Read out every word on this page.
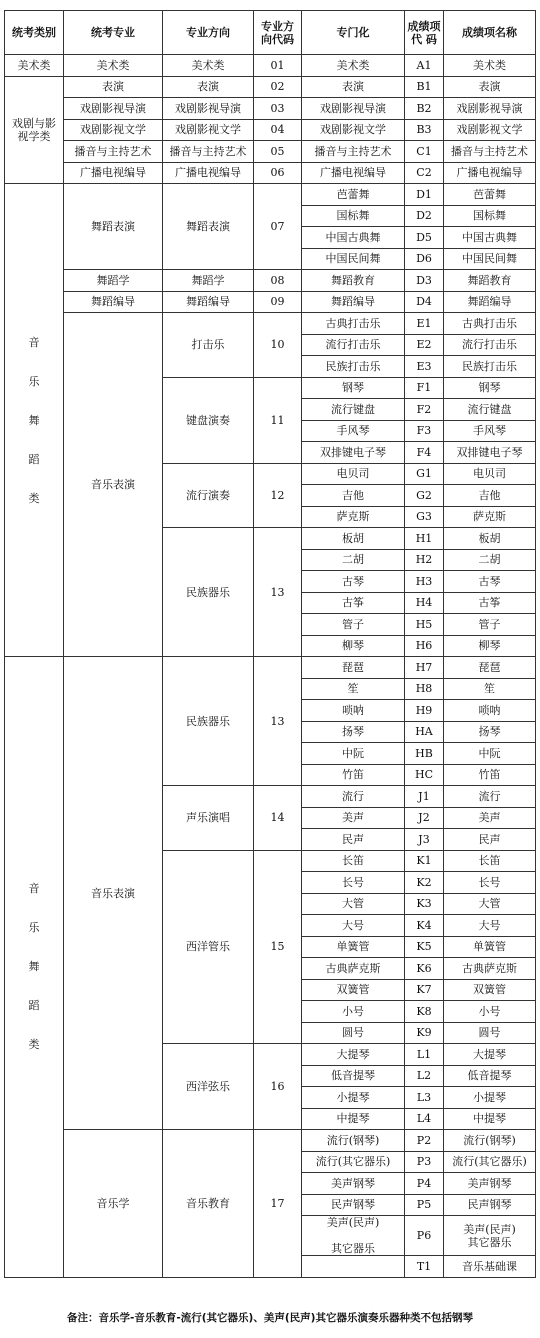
统考类别	统考专业	专业方向	专业方
向代码	专门化	成绩项
代 码	成绩项名称
美术类	美术类	美术类	01	美术类	A1	美术类
戏剧与影
视学类	表演	表演	02	表演	B1	表演
	戏剧影视导演	戏剧影视导演	03	戏剧影视导演	B2	戏剧影视导演
	戏剧影视文学	戏剧影视文学	04	戏剧影视文学	B3	戏剧影视文学
	播音与主持艺术	播音与主持艺术	05	播音与主持艺术	C1	播音与主持艺术
	广播电视编导	广播电视编导	06	广播电视编导	C2	广播电视编导
音

乐

舞

蹈

类	舞蹈表演	舞蹈表演	07	芭蕾舞	D1	芭蕾舞
				国标舞	D2	国标舞
				中国古典舞	D5	中国古典舞
				中国民间舞	D6	中国民间舞
	舞蹈学	舞蹈学	08	舞蹈教育	D3	舞蹈教育
	舞蹈编导	舞蹈编导	09	舞蹈编导	D4	舞蹈编导
	音乐表演	打击乐	10	古典打击乐	E1	古典打击乐
				流行打击乐	E2	流行打击乐
				民族打击乐	E3	民族打击乐
		键盘演奏	11	钢琴	F1	钢琴
				流行键盘	F2	流行键盘
				手风琴	F3	手风琴
				双排键电子琴	F4	双排键电子琴
		流行演奏	12	电贝司	G1	电贝司
				吉他	G2	吉他
				萨克斯	G3	萨克斯
		民族器乐	13	板胡	H1	板胡
				二胡	H2	二胡
				古琴	H3	古琴
				古筝	H4	古筝
				管子	H5	管子
				柳琴	H6	柳琴
音

乐

舞

蹈

类	音乐表演	民族器乐	13	琵琶	H7	琵琶
				笙	H8	笙
				唢呐	H9	唢呐
				扬琴	HA	扬琴
				中阮	HB	中阮
				竹笛	HC	竹笛
		声乐演唱	14	流行	J1	流行
				美声	J2	美声
				民声	J3	民声
		西洋管乐	15	长笛	K1	长笛
				长号	K2	长号
				大管	K3	大管
				大号	K4	大号
				单簧管	K5	单簧管
				古典萨克斯	K6	古典萨克斯
				双簧管	K7	双簧管
				小号	K8	小号
				圆号	K9	圆号
		西洋弦乐	16	大提琴	L1	大提琴
				低音提琴	L2	低音提琴
				小提琴	L3	小提琴
				中提琴	L4	中提琴
	音乐学	音乐教育	17	流行(钢琴)	P2	流行(钢琴)
				流行(其它器乐)	P3	流行(其它器乐)
				美声钢琴	P4	美声钢琴
				民声钢琴	P5	民声钢琴
				美声(民声)

其它器乐	P6	美声(民声)
其它器乐

					T1	音乐基础课
备注：音乐学-音乐教育-流行(其它器乐)、美声(民声)其它器乐演奏乐器种类不包括钢琴
